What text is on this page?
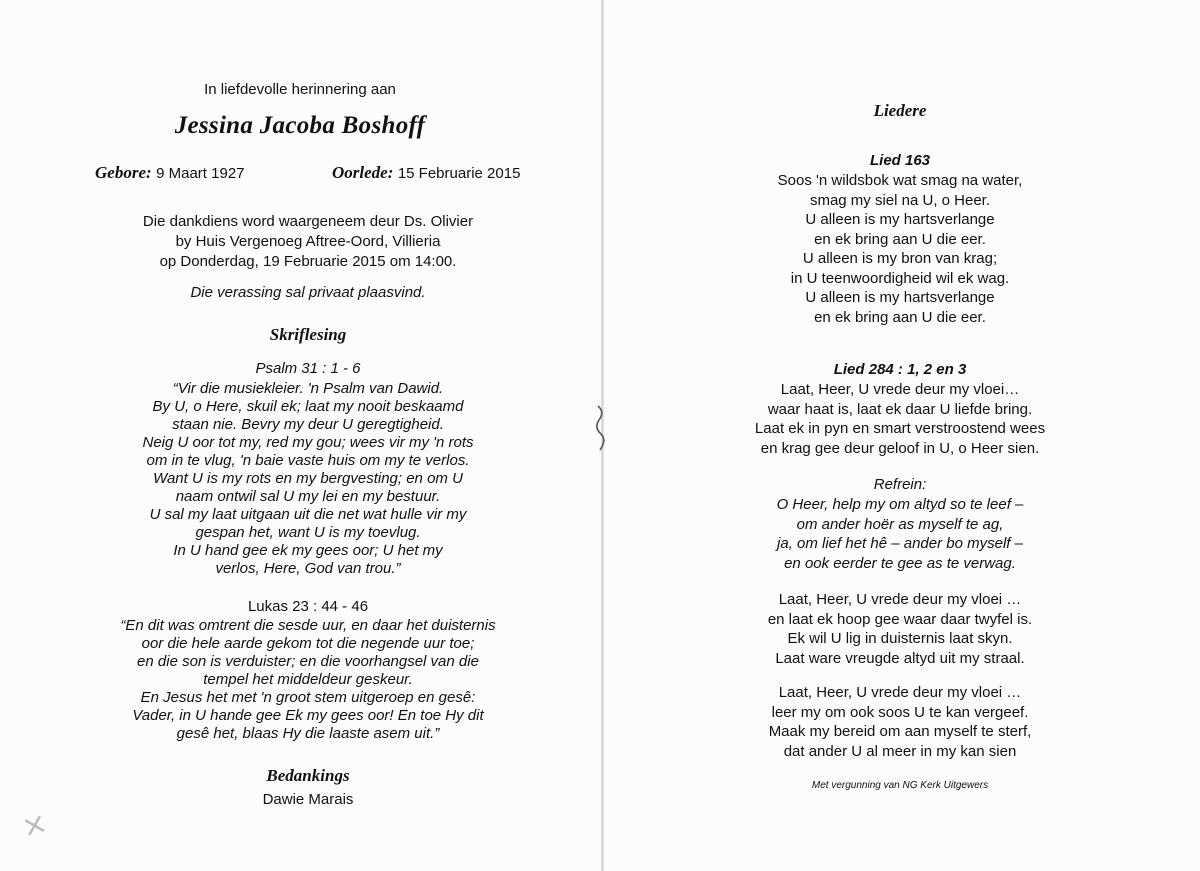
×
In liefdevolle herinnering aan
Jessina Jacoba Boshoff
Gebore: 9 Maart 1927	Oorlede: 15 Februarie 2015
Die dankdiens word waargeneem deur Ds. Olivier
by Huis Vergenoeg Aftree-Oord, Villieria
op Donderdag, 19 Februarie 2015 om 14:00.
Die verassing sal privaat plaasvind.
Skriflesing
Psalm 31 : 1 - 6
“Vir die musiekleier. 'n Psalm van Dawid.
By U, o Here, skuil ek; laat my nooit beskaamd
staan nie. Bevry my deur U geregtigheid.
Neig U oor tot my, red my gou; wees vir my 'n rots
om in te vlug, 'n baie vaste huis om my te verlos.
Want U is my rots en my bergvesting; en om U
naam ontwil sal U my lei en my bestuur.
U sal my laat uitgaan uit die net wat hulle vir my
gespan het, want U is my toevlug.
In U hand gee ek my gees oor; U het my
verlos, Here, God van trou.”
Lukas 23 : 44 - 46
“En dit was omtrent die sesde uur, en daar het duisternis
oor die hele aarde gekom tot die negende uur toe;
en die son is verduister; en die voorhangsel van die
tempel het middeldeur geskeur.
En Jesus het met 'n groot stem uitgeroep en gesê:
Vader, in U hande gee Ek my gees oor! En toe Hy dit
gesê het, blaas Hy die laaste asem uit.”
Bedankings
Dawie Marais
Liedere
Lied 163
Soos 'n wildsbok wat smag na water,
smag my siel na U, o Heer.
U alleen is my hartsverlange
en ek bring aan U die eer.
U alleen is my bron van krag;
in U teenwoordigheid wil ek wag.
U alleen is my hartsverlange
en ek bring aan U die eer.
Lied 284 : 1, 2 en 3
Laat, Heer, U vrede deur my vloei…
waar haat is, laat ek daar U liefde bring.
Laat ek in pyn en smart verstroostend wees
en krag gee deur geloof in U, o Heer sien.
Refrein:
O Heer, help my om altyd so te leef –
om ander hoër as myself te ag,
ja, om lief het hê – ander bo myself –
en ook eerder te gee as te verwag.
Laat, Heer, U vrede deur my vloei …
en laat ek hoop gee waar daar twyfel is.
Ek wil U lig in duisternis laat skyn.
Laat ware vreugde altyd uit my straal.
Laat, Heer, U vrede deur my vloei …
leer my om ook soos U te kan vergeef.
Maak my bereid om aan myself te sterf,
dat ander U al meer in my kan sien
Met vergunning van NG Kerk Uitgewers
